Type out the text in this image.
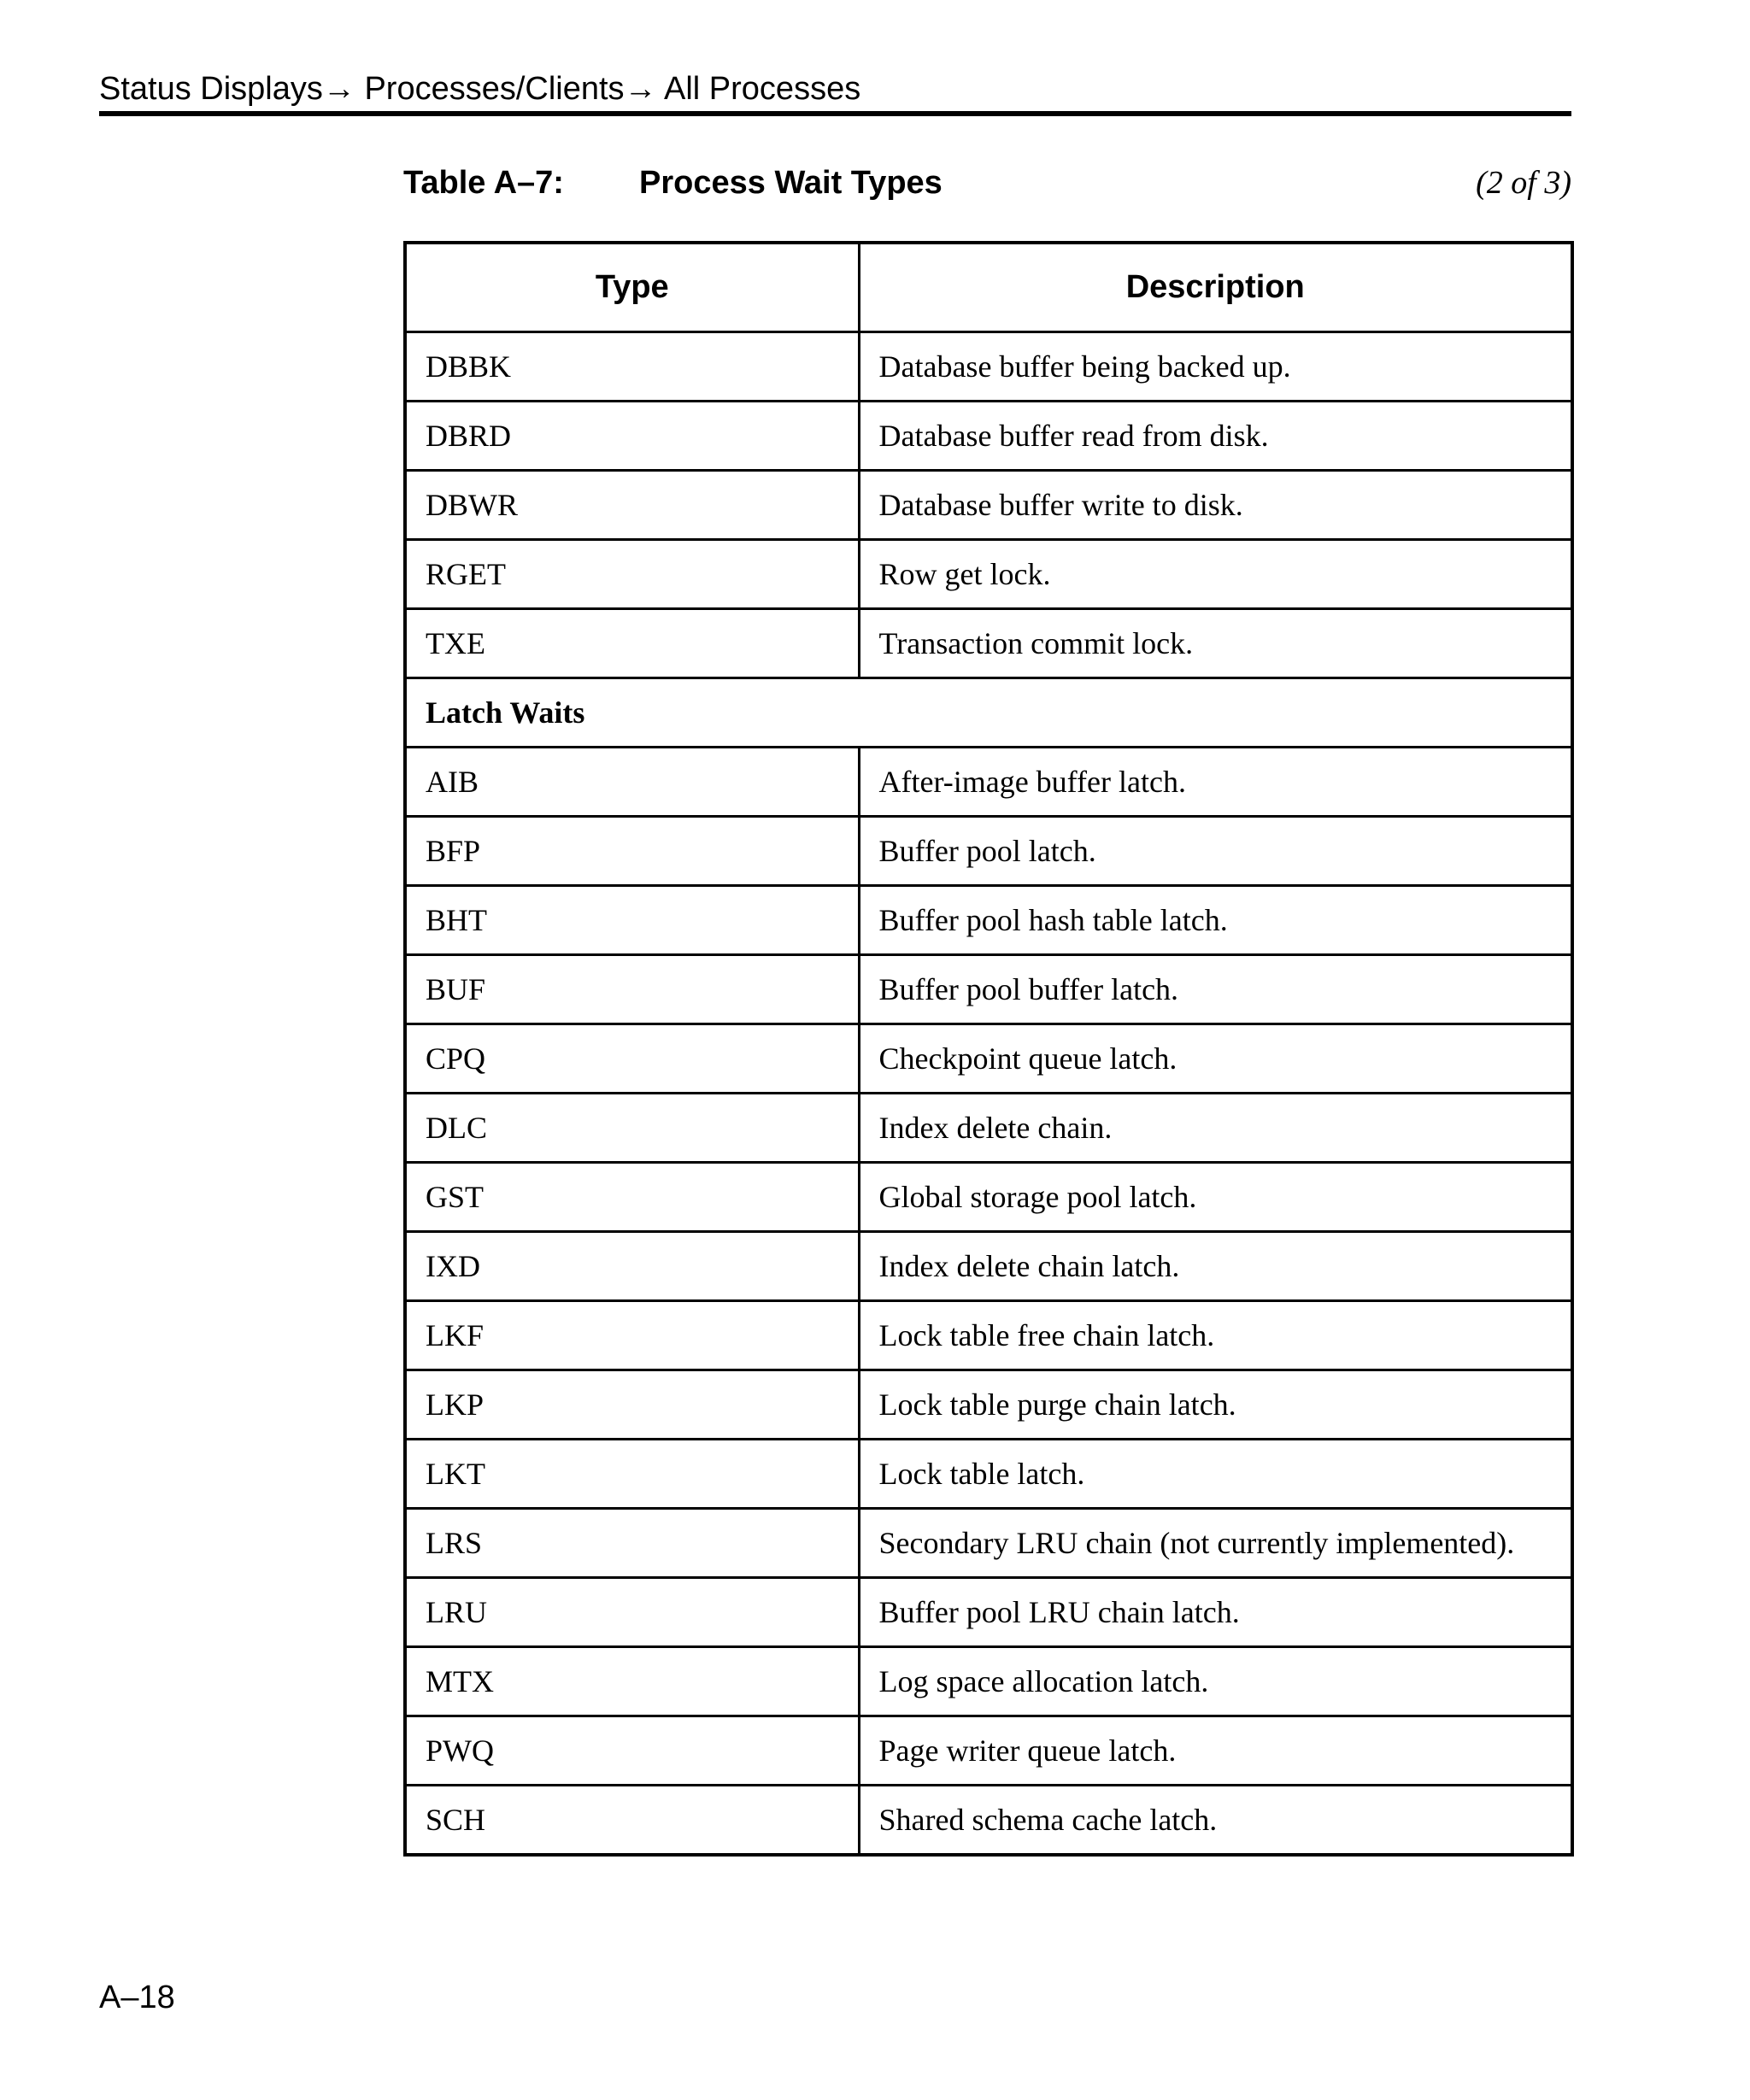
Status Displays→ Processes/Clients→ All Processes
Table A–7: Process Wait Types	(2 of 3)
Type	Description
DBBK	Database buffer being backed up.
DBRD	Database buffer read from disk.
DBWR	Database buffer write to disk.
RGET	Row get lock.
TXE	Transaction commit lock.
Latch Waits	
AIB	After-image buffer latch.
BFP	Buffer pool latch.
BHT	Buffer pool hash table latch.
BUF	Buffer pool buffer latch.
CPQ	Checkpoint queue latch.
DLC	Index delete chain.
GST	Global storage pool latch.
IXD	Index delete chain latch.
LKF	Lock table free chain latch.
LKP	Lock table purge chain latch.
LKT	Lock table latch.
LRS	Secondary LRU chain (not currently implemented).
LRU	Buffer pool LRU chain latch.
MTX	Log space allocation latch.
PWQ	Page writer queue latch.
SCH	Shared schema cache latch.
A–18
